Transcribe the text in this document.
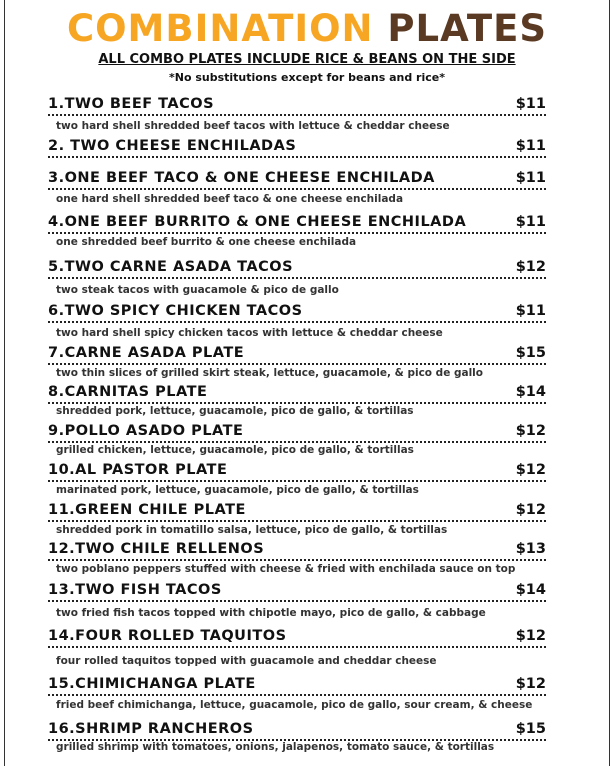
COMBINATION PLATES
ALL COMBO PLATES INCLUDE RICE & BEANS ON THE SIDE
*No substitutions except for beans and rice*
1.TWO BEEF TACOS	$11
two hard shell shredded beef tacos with lettuce & cheddar cheese
2. TWO CHEESE ENCHILADAS	$11
3.ONE BEEF TACO & ONE CHEESE ENCHILADA	$11
one hard shell shredded beef taco & one cheese enchilada
4.ONE BEEF BURRITO & ONE CHEESE ENCHILADA	$11
one shredded beef burrito & one cheese enchilada
5.TWO CARNE ASADA TACOS	$12
two steak tacos with guacamole & pico de gallo
6.TWO SPICY CHICKEN TACOS	$11
two hard shell spicy chicken tacos with lettuce & cheddar cheese
7.CARNE ASADA PLATE	$15
two thin slices of grilled skirt steak, lettuce, guacamole, & pico de gallo
8.CARNITAS PLATE	$14
shredded pork, lettuce, guacamole, pico de gallo, & tortillas
9.POLLO ASADO PLATE	$12
grilled chicken, lettuce, guacamole, pico de gallo, & tortillas
10.AL PASTOR PLATE	$12
marinated pork, lettuce, guacamole, pico de gallo, & tortillas
11.GREEN CHILE PLATE	$12
shredded pork in tomatillo salsa, lettuce, pico de gallo, & tortillas
12.TWO CHILE RELLENOS	$13
two poblano peppers stuffed with cheese & fried with enchilada sauce on top
13.TWO FISH TACOS	$14
two fried fish tacos topped with chipotle mayo, pico de gallo, & cabbage
14.FOUR ROLLED TAQUITOS	$12
four rolled taquitos topped with guacamole and cheddar cheese
15.CHIMICHANGA PLATE	$12
fried beef chimichanga, lettuce, guacamole, pico de gallo, sour cream, & cheese
16.SHRIMP RANCHEROS	$15
grilled shrimp with tomatoes, onions, jalapenos, tomato sauce, & tortillas
